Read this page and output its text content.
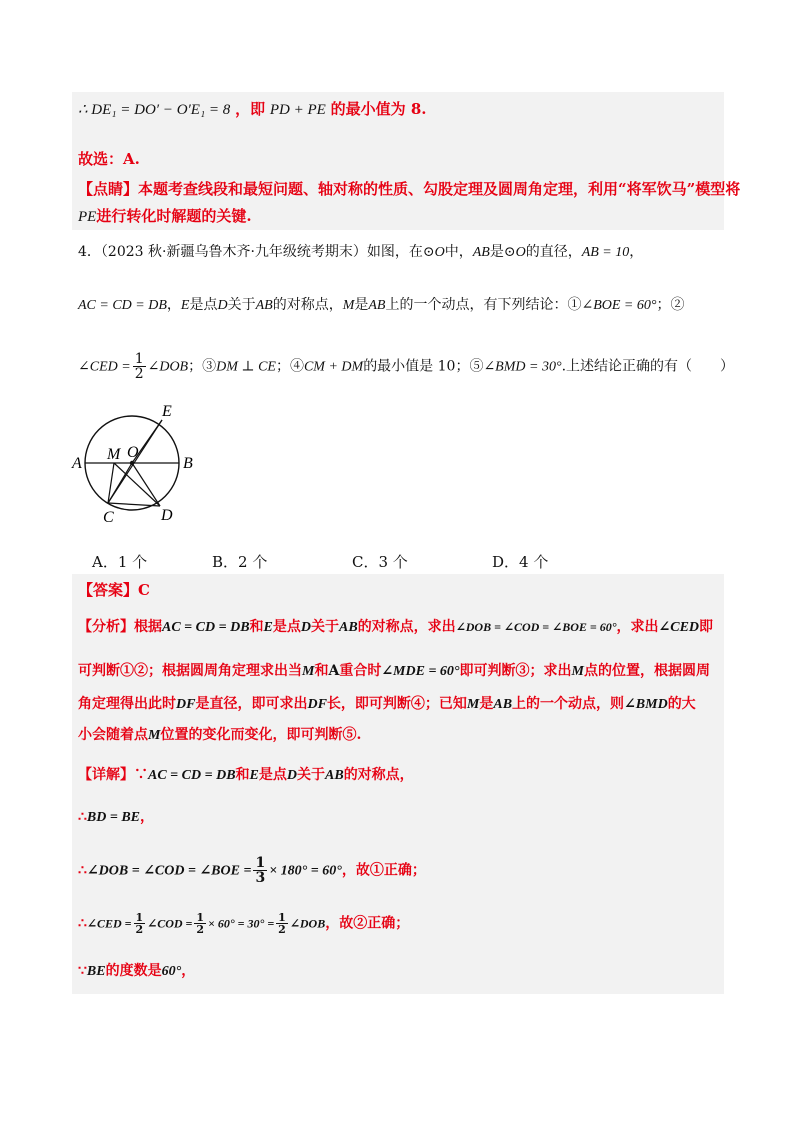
∴ DE₁ = DO′ − O′E₁ = 8 ，即 PD + PE 的最小值为 8.
故选：A.
【点睛】本题考查线段和最短问题、轴对称的性质、勾股定理及圆周角定理，利用“将军饮马”模型将
PE进行转化时解题的关键.
4．（2023 秋·新疆乌鲁木齐·九年级统考期末）如图，在⊙O中，AB是⊙O的直径，AB = 10，
AC = CD = DB，E是点D关于AB的对称点，M是AB上的一个动点，有下列结论：①∠BOE = 60°；②
∠CED = $\frac{1}{2}$ ∠DOB；③DM ⊥ CE；④CM + DM的最小值是 10；⑤∠BMD = 30°.上述结论正确的有（　　）
A	B
O
M
C	D
E
A．1 个	B．2 个	C．3 个	D．4 个
【答案】C
【分析】根据AC = CD = DB和E是点D关于AB的对称点，求出∠DOB = ∠COD = ∠BOE = 60°，求出∠CED即
可判断①②；根据圆周角定理求出当M和A重合时∠MDE = 60°即可判断③；求出M点的位置，根据圆周
角定理得出此时DF是直径，即可求出DF长，即可判断④；已知M是AB上的一个动点，则∠BMD的大
小会随着点M位置的变化而变化，即可判断⑤.
【详解】∵AC = CD = DB和E是点D关于AB的对称点，
∴BD = BE，
∴∠DOB = ∠COD = ∠BOE = $\frac{1}{3} \times 180^\circ = 60^\circ$，故①正确；
∴∠CED = $\frac{1}{2}$ ∠COD = $\frac{1}{2} \times 60^\circ = 30^\circ = \frac{1}{2}$ ∠DOB，故②正确；
∵BE的度数是60°，
